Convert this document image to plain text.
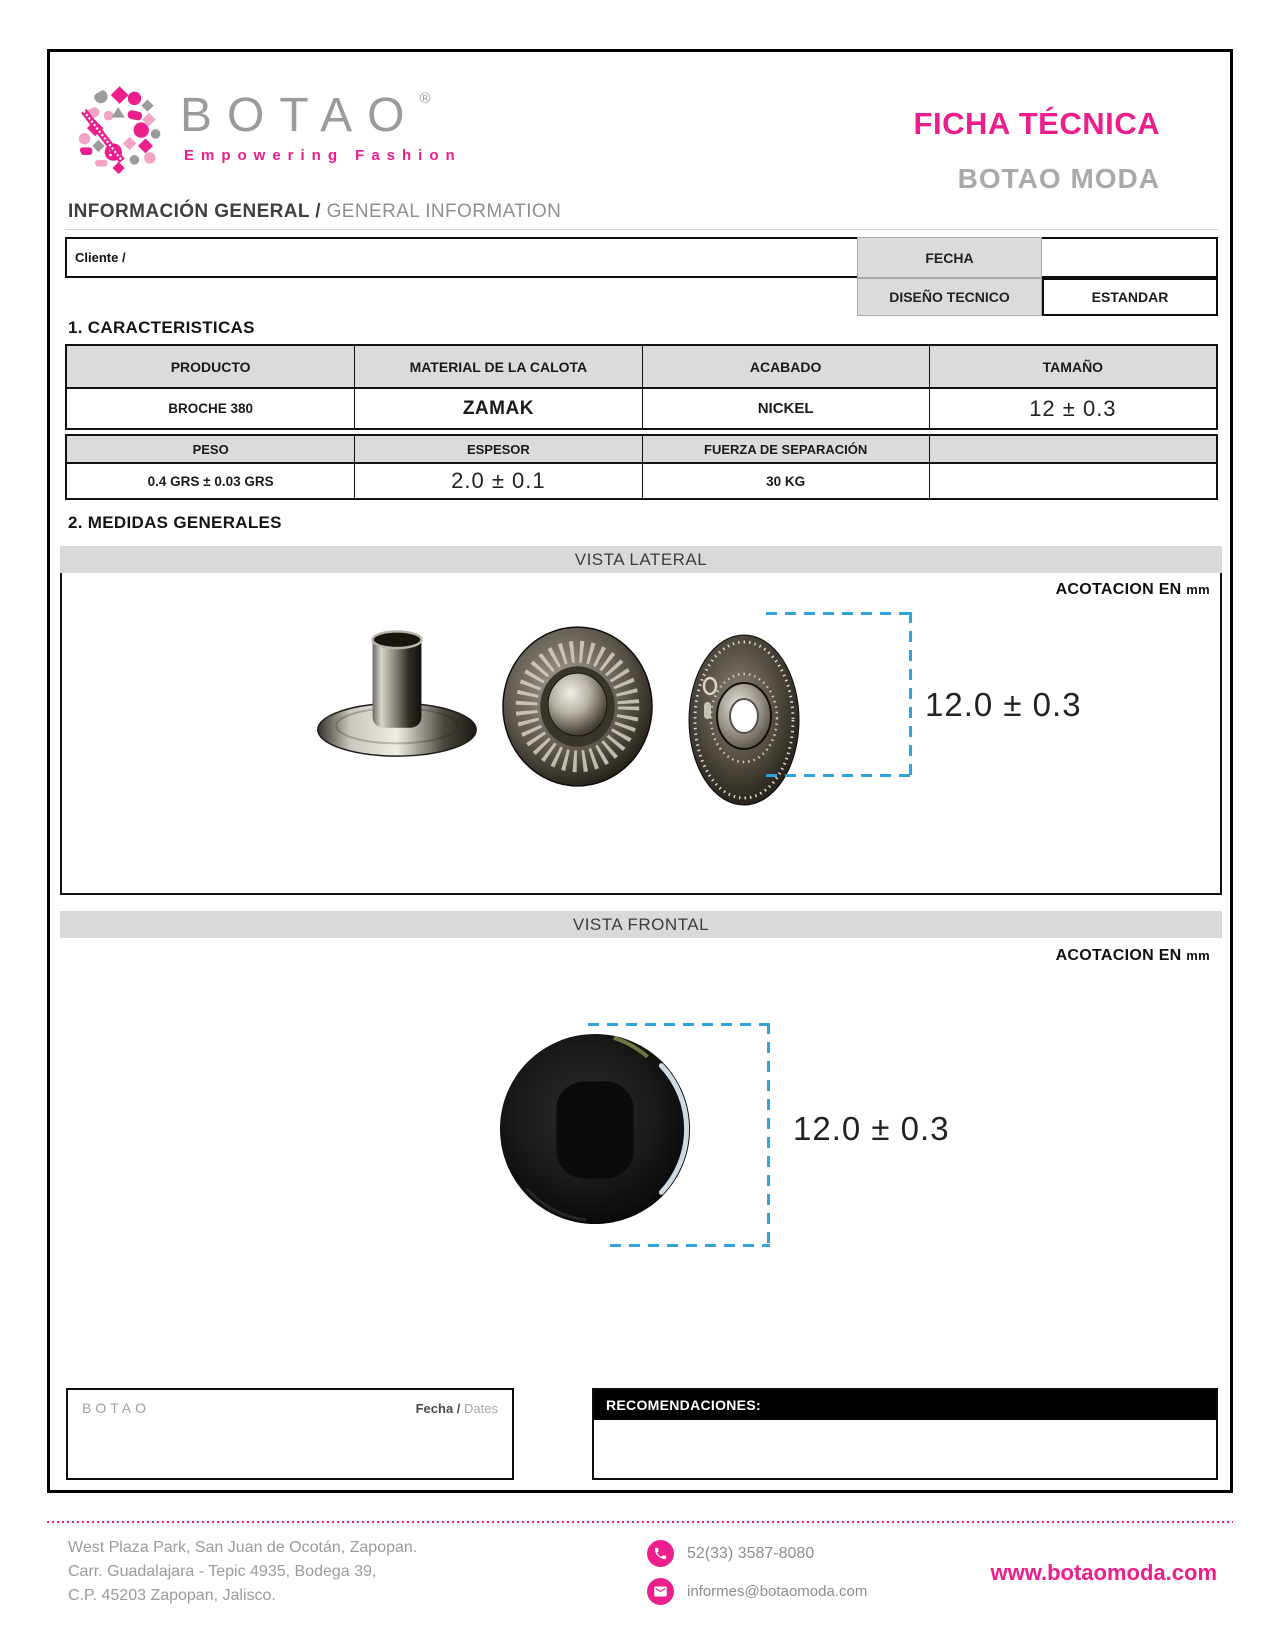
BOTAO®
Empowering Fashion
FICHA TÉCNICA
BOTAO MODA
INFORMACIÓN GENERAL / GENERAL INFORMATION
Cliente /	FECHA
DISEÑO TECNICO	ESTANDAR
1. CARACTERISTICAS
PRODUCTO	MATERIAL DE LA CALOTA	ACABADO	TAMAÑO
BROCHE 380	ZAMAK	NICKEL	12 ± 0.3
PESO	ESPESOR	FUERZA DE SEPARACIÓN
0.4 GRS ± 0.03 GRS	2.0 ± 0.1	30 KG
2. MEDIDAS GENERALES
VISTA LATERAL
ACOTACION EN mm
12.0 ± 0.3
VISTA FRONTAL
ACOTACION EN mm
12.0 ± 0.3
BOTAO	Fecha / Dates	RECOMENDACIONES:
West Plaza Park, San Juan de Ocotán, Zapopan.
Carr. Guadalajara - Tepic 4935, Bodega 39,
C.P. 45203 Zapopan, Jalisco.
52(33) 3587-8080
informes@botaomoda.com
www.botaomoda.com
